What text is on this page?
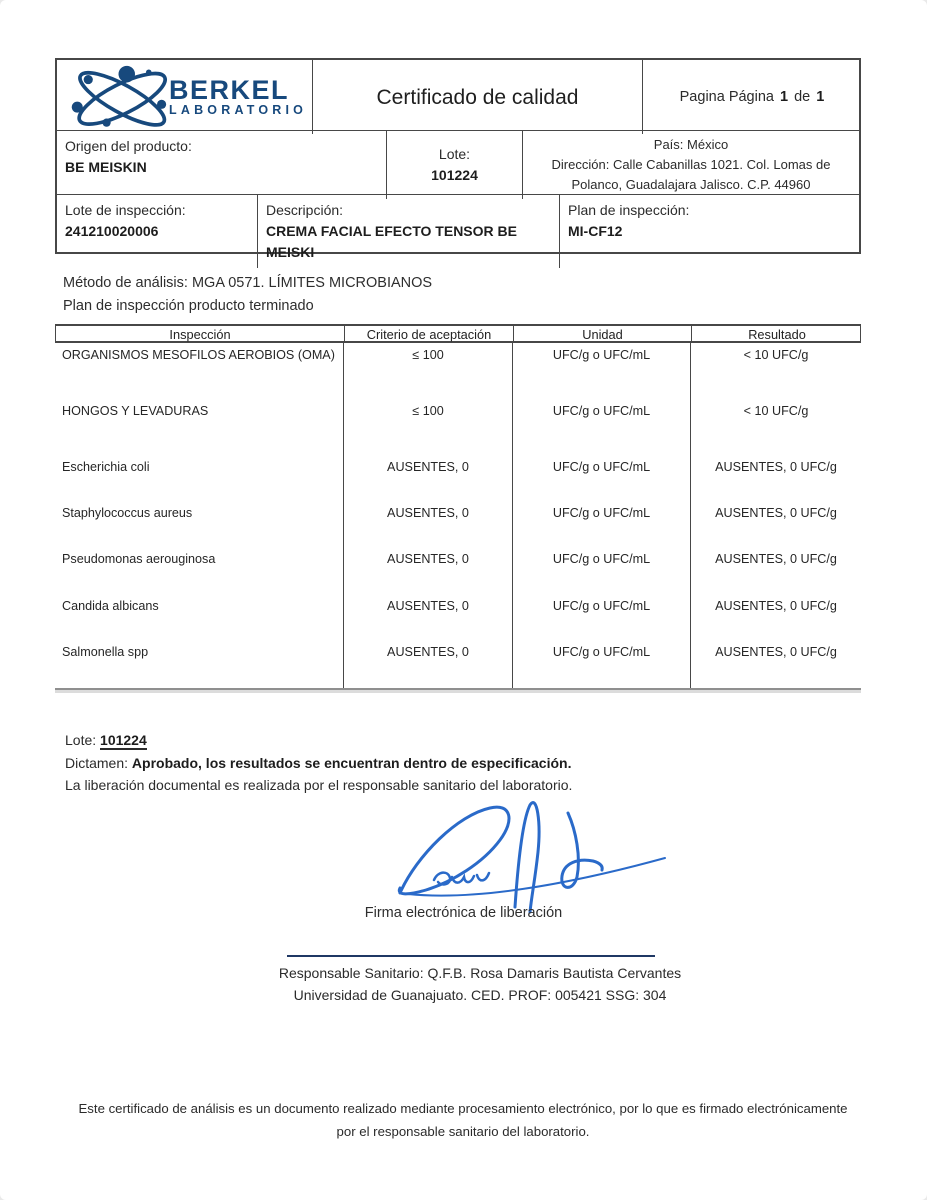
BERKEL
LABORATORIO
Certificado de calidad	Pagina Página 1 de 1
Origen del producto:
BE MEISKIN
Lote:
101224
País: México
Dirección: Calle Cabanillas 1021. Col. Lomas de Polanco, Guadalajara Jalisco. C.P. 44960
Lote de inspección:
241210020006
Descripción:
CREMA FACIAL EFECTO TENSOR BE MEISKI
Plan de inspección:
MI-CF12
Método de análisis: MGA 0571. LÍMITES MICROBIANOS
Plan de inspección producto terminado
Inspección	Criterio de aceptación	Unidad	Resultado
ORGANISMOS MESOFILOS AEROBIOS (OMA)	≤ 100	UFC/g o UFC/mL	< 10 UFC/g
HONGOS Y LEVADURAS	≤ 100	UFC/g o UFC/mL	< 10 UFC/g
Escherichia coli	AUSENTES, 0	UFC/g o UFC/mL	AUSENTES, 0 UFC/g
Staphylococcus aureus	AUSENTES, 0	UFC/g o UFC/mL	AUSENTES, 0 UFC/g
Pseudomonas aerouginosa	AUSENTES, 0	UFC/g o UFC/mL	AUSENTES, 0 UFC/g
Candida albicans	AUSENTES, 0	UFC/g o UFC/mL	AUSENTES, 0 UFC/g
Salmonella spp	AUSENTES, 0	UFC/g o UFC/mL	AUSENTES, 0 UFC/g
Lote: 101224
Dictamen: Aprobado, los resultados se encuentran dentro de especificación.
La liberación documental es realizada por el responsable sanitario del laboratorio.
Firma electrónica de liberación
Responsable Sanitario: Q.F.B. Rosa Damaris Bautista Cervantes
Universidad de Guanajuato. CED. PROF: 005421 SSG: 304
Este certificado de análisis es un documento realizado mediante procesamiento electrónico, por lo que es firmado electrónicamente por el responsable sanitario del laboratorio.
